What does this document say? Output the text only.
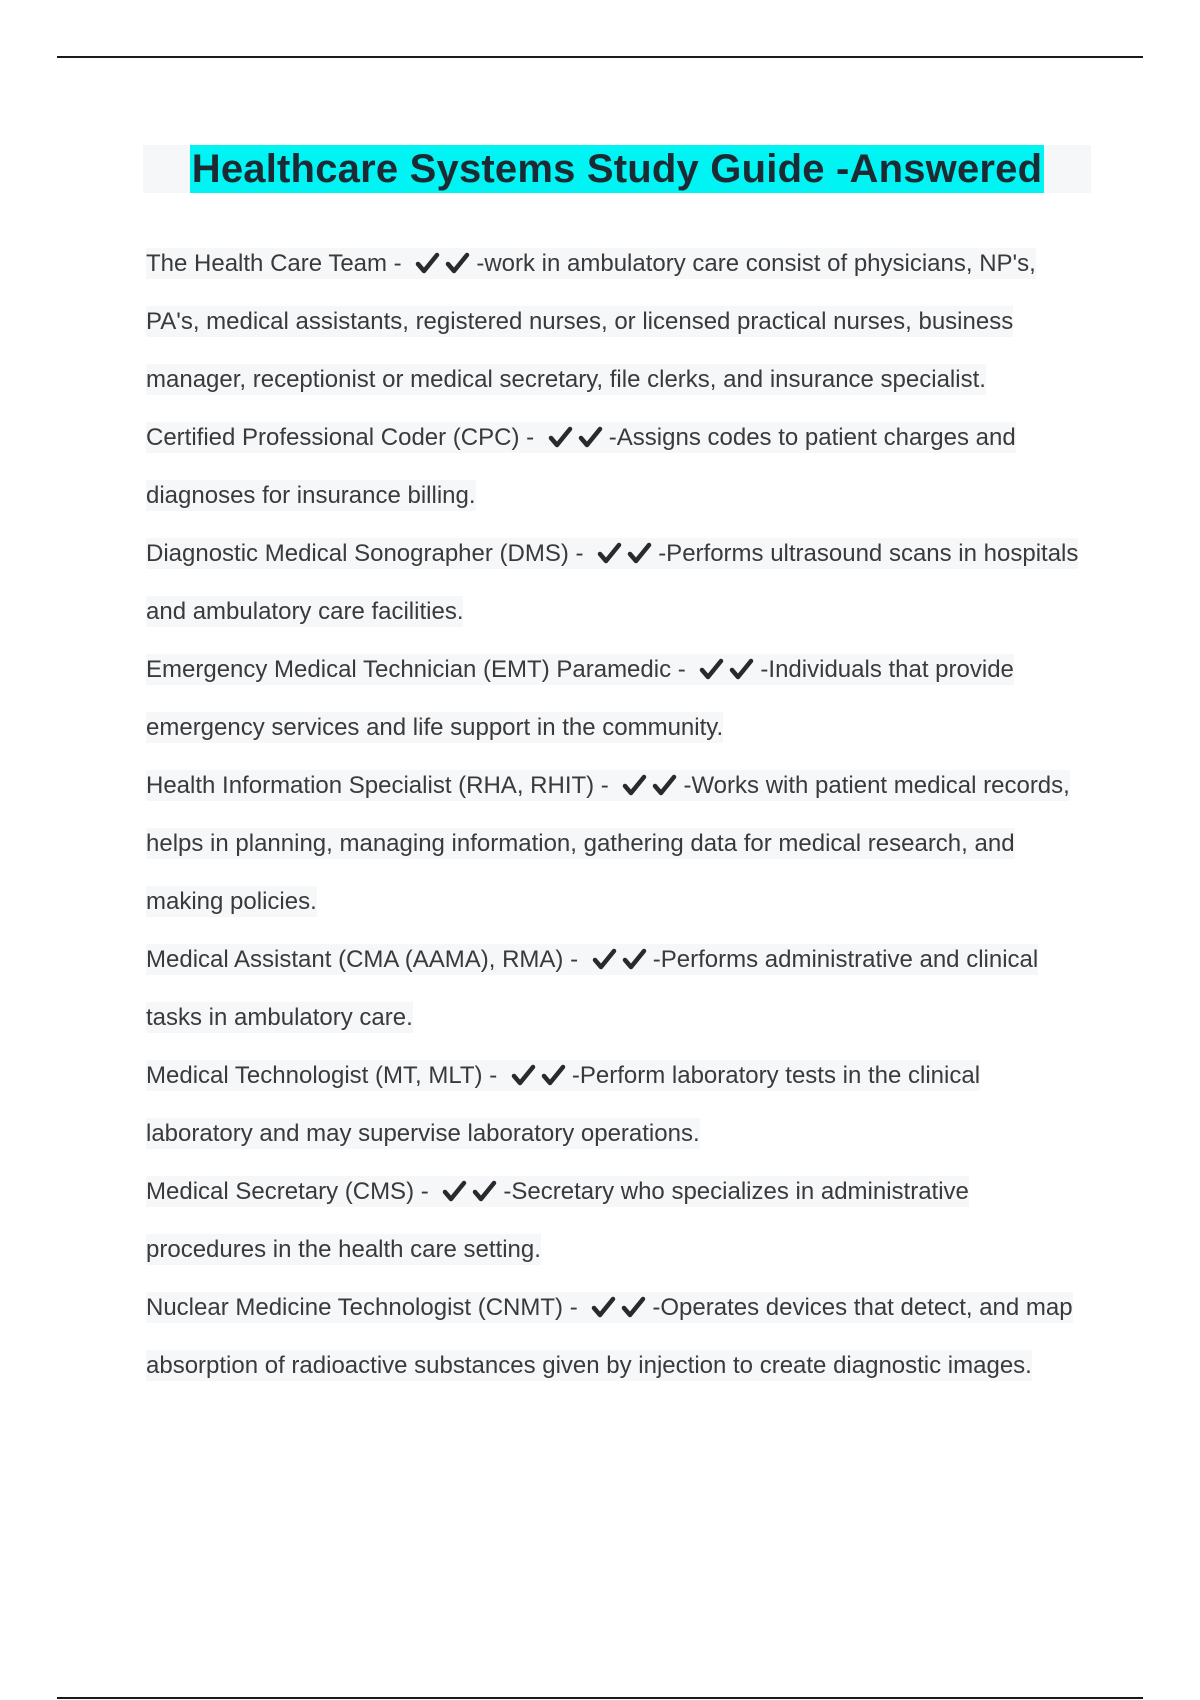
Healthcare Systems Study Guide -Answered
The Health Care Team -	-work in ambulatory care consist of physicians, NP's,
PA's, medical assistants, registered nurses, or licensed practical nurses, business
manager, receptionist or medical secretary, file clerks, and insurance specialist.
Certified Professional Coder (CPC) -	-Assigns codes to patient charges and
diagnoses for insurance billing.
Diagnostic Medical Sonographer (DMS) -	-Performs ultrasound scans in hospitals
and ambulatory care facilities.
Emergency Medical Technician (EMT) Paramedic -	-Individuals that provide
emergency services and life support in the community.
Health Information Specialist (RHA, RHIT) -	-Works with patient medical records,
helps in planning, managing information, gathering data for medical research, and
making policies.
Medical Assistant (CMA (AAMA), RMA) -	-Performs administrative and clinical
tasks in ambulatory care.
Medical Technologist (MT, MLT) -	-Perform laboratory tests in the clinical
laboratory and may supervise laboratory operations.
Medical Secretary (CMS) -	-Secretary who specializes in administrative
procedures in the health care setting.
Nuclear Medicine Technologist (CNMT) -	-Operates devices that detect, and map
absorption of radioactive substances given by injection to create diagnostic images.
